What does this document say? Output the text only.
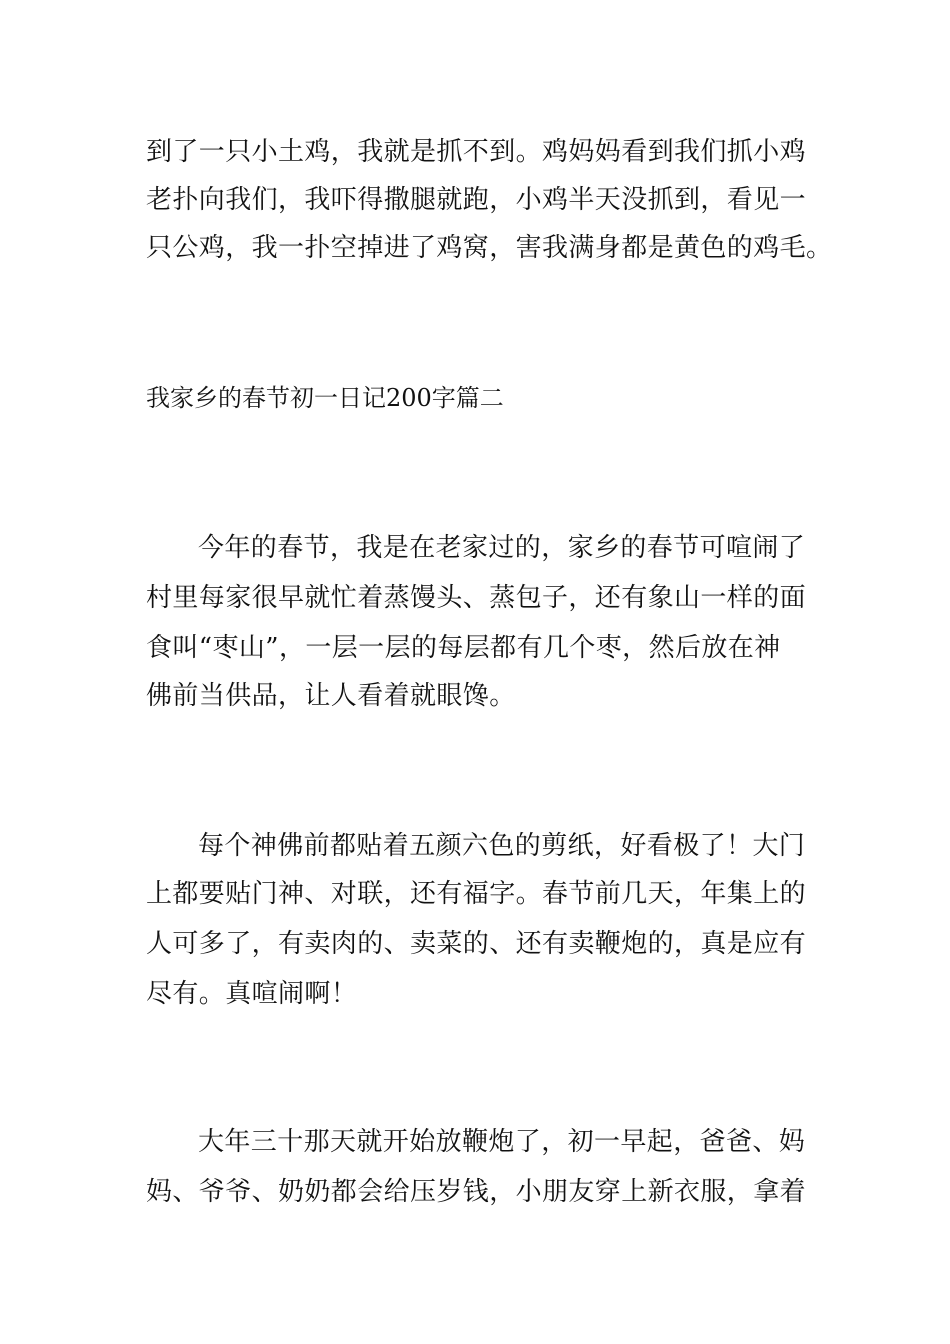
到了一只小土鸡，我就是抓不到。鸡妈妈看到我们抓小鸡
老扑向我们，我吓得撒腿就跑，小鸡半天没抓到，看见一
只公鸡，我一扑空掉进了鸡窝，害我满身都是黄色的鸡毛。
我家乡的春节初一日记200字篇二
今年的春节，我是在老家过的，家乡的春节可喧闹了
村里每家很早就忙着蒸馒头、蒸包子，还有象山一样的面
食叫“枣山”，一层一层的每层都有几个枣，然后放在神
佛前当供品，让人看着就眼馋。
每个神佛前都贴着五颜六色的剪纸，好看极了！大门
上都要贴门神、对联，还有福字。春节前几天，年集上的
人可多了，有卖肉的、卖菜的、还有卖鞭炮的，真是应有
尽有。真喧闹啊！
大年三十那天就开始放鞭炮了，初一早起，爸爸、妈
妈、爷爷、奶奶都会给压岁钱，小朋友穿上新衣服，拿着
